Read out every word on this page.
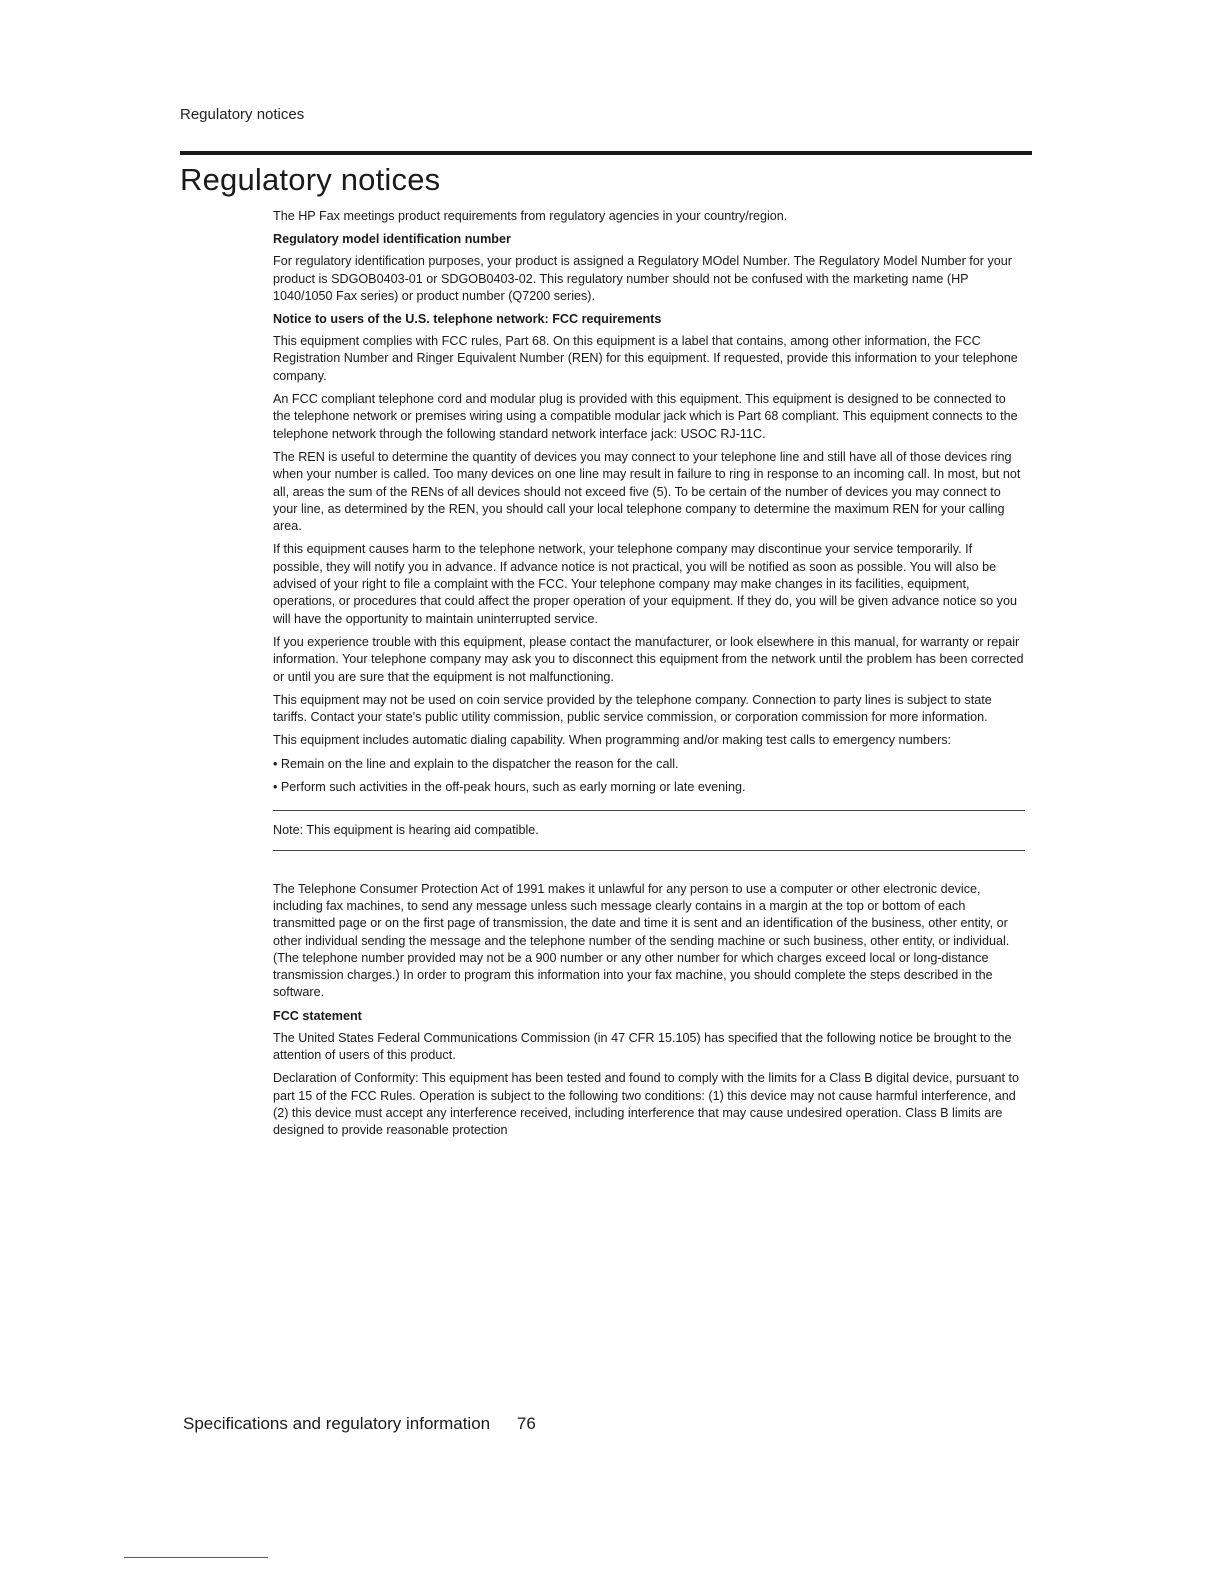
Regulatory notices
Regulatory notices

The HP Fax meetings product requirements from regulatory agencies in your country/region.

Regulatory model identification number

For regulatory identification purposes, your product is assigned a Regulatory MOdel Number. The Regulatory Model Number for your product is SDGOB0403-01 or SDGOB0403-02. This regulatory number should not be confused with the marketing name (HP 1040/1050 Fax series) or product number (Q7200 series).

Notice to users of the U.S. telephone network: FCC requirements

This equipment complies with FCC rules, Part 68. On this equipment is a label that contains, among other information, the FCC Registration Number and Ringer Equivalent Number (REN) for this equipment. If requested, provide this information to your telephone company.

An FCC compliant telephone cord and modular plug is provided with this equipment. This equipment is designed to be connected to the telephone network or premises wiring using a compatible modular jack which is Part 68 compliant. This equipment connects to the telephone network through the following standard network interface jack: USOC RJ-11C.

The REN is useful to determine the quantity of devices you may connect to your telephone line and still have all of those devices ring when your number is called. Too many devices on one line may result in failure to ring in response to an incoming call. In most, but not all, areas the sum of the RENs of all devices should not exceed five (5). To be certain of the number of devices you may connect to your line, as determined by the REN, you should call your local telephone company to determine the maximum REN for your calling area.

If this equipment causes harm to the telephone network, your telephone company may discontinue your service temporarily. If possible, they will notify you in advance. If advance notice is not practical, you will be notified as soon as possible. You will also be advised of your right to file a complaint with the FCC. Your telephone company may make changes in its facilities, equipment, operations, or procedures that could affect the proper operation of your equipment. If they do, you will be given advance notice so you will have the opportunity to maintain uninterrupted service.

If you experience trouble with this equipment, please contact the manufacturer, or look elsewhere in this manual, for warranty or repair information. Your telephone company may ask you to disconnect this equipment from the network until the problem has been corrected or until you are sure that the equipment is not malfunctioning.

This equipment may not be used on coin service provided by the telephone company. Connection to party lines is subject to state tariffs. Contact your state's public utility commission, public service commission, or corporation commission for more information.

This equipment includes automatic dialing capability. When programming and/or making test calls to emergency numbers:

• Remain on the line and explain to the dispatcher the reason for the call.

• Perform such activities in the off-peak hours, such as early morning or late evening.

Note: This equipment is hearing aid compatible.

The Telephone Consumer Protection Act of 1991 makes it unlawful for any person to use a computer or other electronic device, including fax machines, to send any message unless such message clearly contains in a margin at the top or bottom of each transmitted page or on the first page of transmission, the date and time it is sent and an identification of the business, other entity, or other individual sending the message and the telephone number of the sending machine or such business, other entity, or individual. (The telephone number provided may not be a 900 number or any other number for which charges exceed local or long-distance transmission charges.) In order to program this information into your fax machine, you should complete the steps described in the software.

FCC statement

The United States Federal Communications Commission (in 47 CFR 15.105) has specified that the following notice be brought to the attention of users of this product.

Declaration of Conformity: This equipment has been tested and found to comply with the limits for a Class B digital device, pursuant to part 15 of the FCC Rules. Operation is subject to the following two conditions: (1) this device may not cause harmful interference, and (2) this device must accept any interference received, including interference that may cause undesired operation. Class B limits are designed to provide reasonable protection

Specifications and regulatory information 76
